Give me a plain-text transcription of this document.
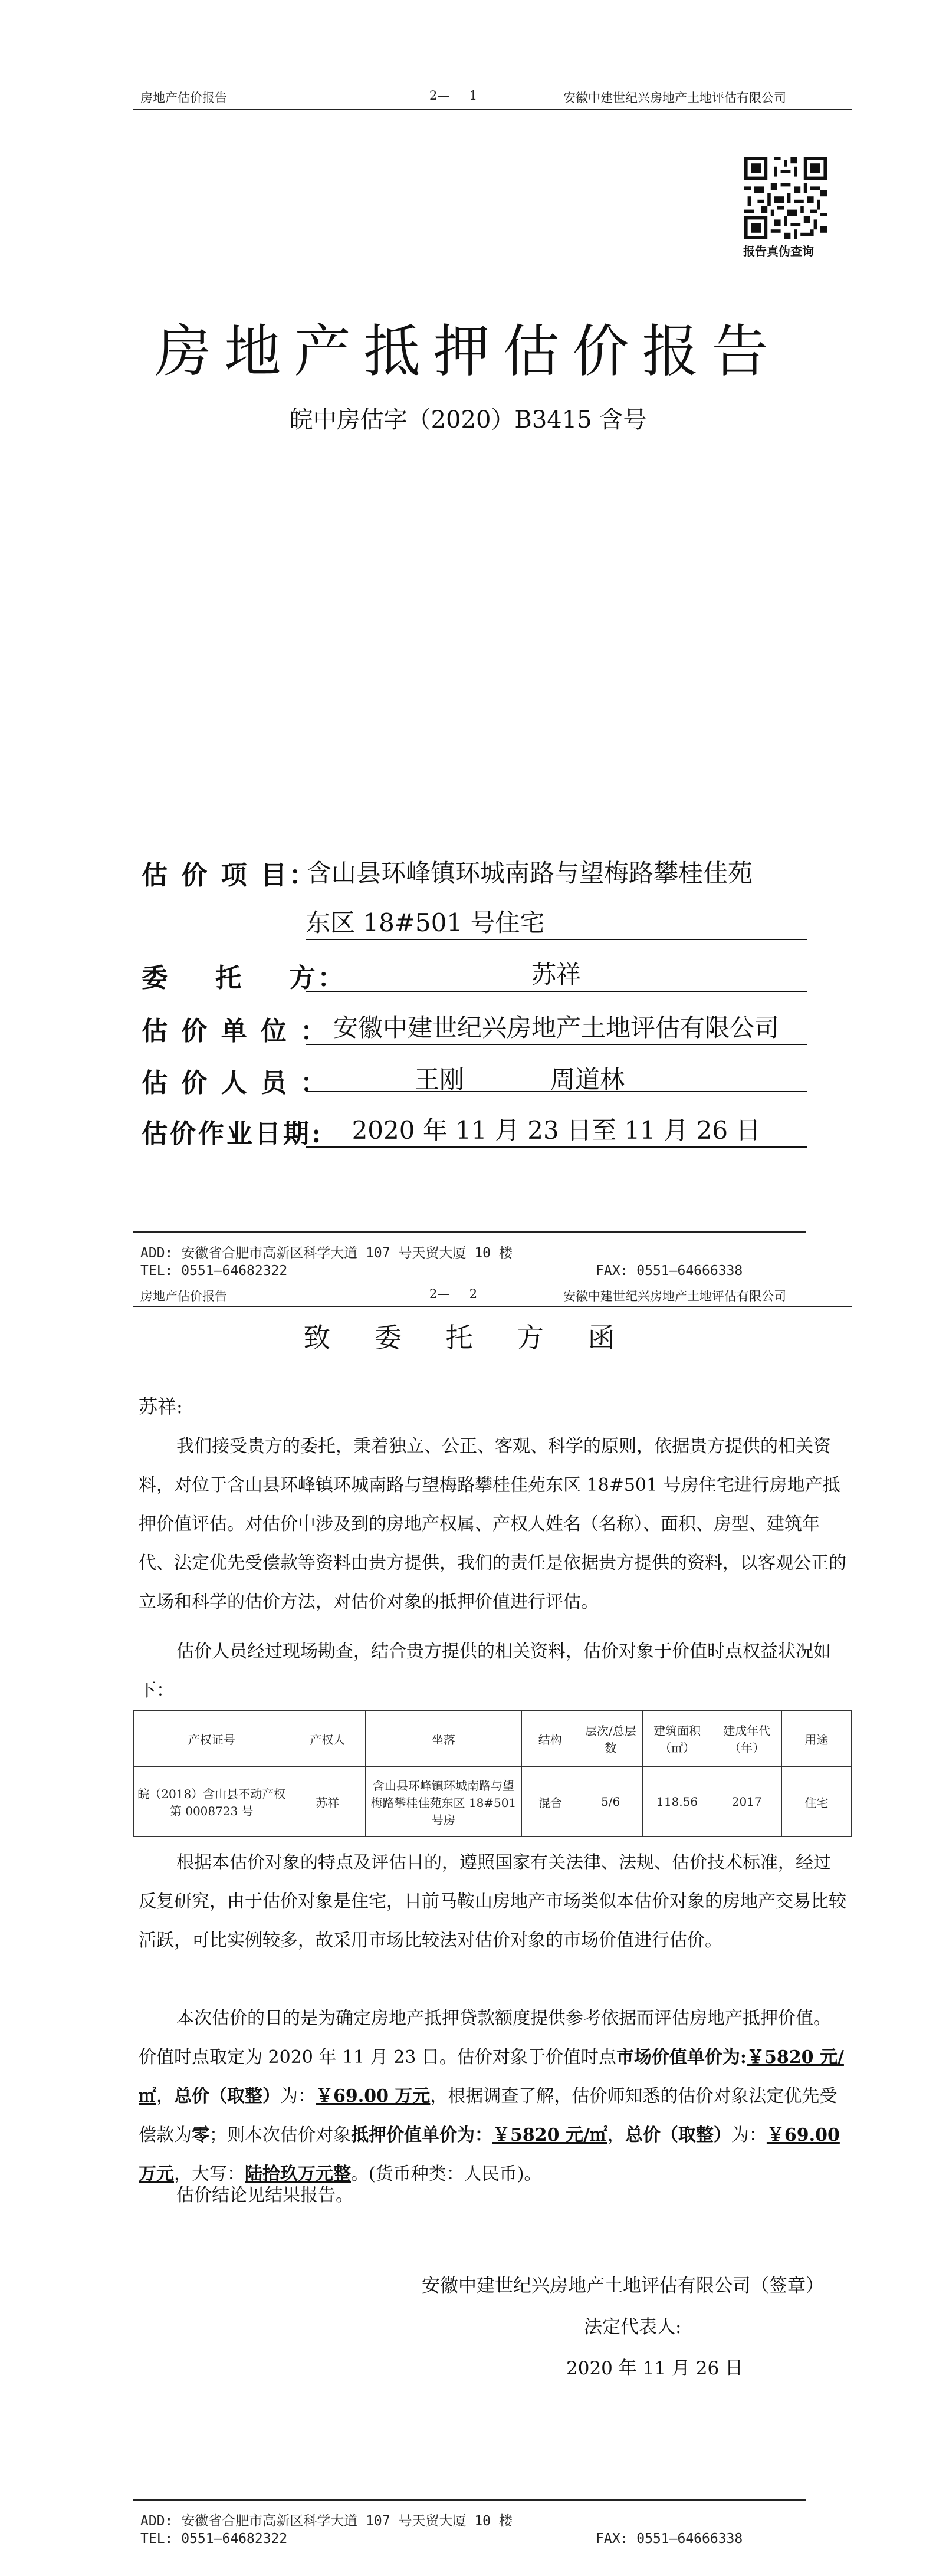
房地产估价报告	2—     1	安徽中建世纪兴房地产土地评估有限公司
报告真伪查询
房地产抵押估价报告
皖中房估字（2020）B3415 含号
估 价 项 目：
含山县环峰镇环城南路与望梅路攀桂佳苑
东区 18#501 号住宅
委    托    方：	苏祥
估 价 单 位 ： 安徽中建世纪兴房地产土地评估有限公司
估 价 人 员 ：	王刚	周道林
估价作业日期:	2020 年 11 月 23 日至 11 月 26 日
ADD: 安徽省合肥市高新区科学大道 107 号天贸大厦 10 楼
TEL: 0551—64682322	FAX: 0551—64666338
房地产估价报告	2—     2	安徽中建世纪兴房地产土地评估有限公司
致 委 托 方 函
苏祥:
我们接受贵方的委托，秉着独立、公正、客观、科学的原则，依据贵方提供的相关资料，对位于含山县环峰镇环城南路与望梅路攀桂佳苑东区 18#501 号房住宅进行房地产抵押价值评估。对估价中涉及到的房地产权属、产权人姓名（名称）、面积、房型、建筑年代、法定优先受偿款等资料由贵方提供，我们的责任是依据贵方提供的资料，以客观公正的立场和科学的估价方法，对估价对象的抵押价值进行评估。
估价人员经过现场勘查，结合贵方提供的相关资料，估价对象于价值时点权益状况如下：
产权证号	产权人	坐落	结构	层次/总层数	建筑面积（㎡）	建成年代（年）	用途
皖（2018）含山县不动产权第 0008723 号	苏祥	含山县环峰镇环城南路与望梅路攀桂佳苑东区 18#501 号房	混合	5/6	118.56	2017	住宅
根据本估价对象的特点及评估目的，遵照国家有关法律、法规、估价技术标准，经过反复研究，由于估价对象是住宅，目前马鞍山房地产市场类似本估价对象的房地产交易比较活跃，可比实例较多，故采用市场比较法对估价对象的市场价值进行估价。
本次估价的目的是为确定房地产抵押贷款额度提供参考依据而评估房地产抵押价值。价值时点取定为 2020 年 11 月 23 日。估价对象于价值时点市场价值单价为:￥5820 元/㎡，总价（取整）为：￥69.00 万元，根据调查了解，估价师知悉的估价对象法定优先受偿款为零；则本次估价对象抵押价值单价为：￥5820 元/㎡，总价（取整）为：￥69.00 万元，大写：陆拾玖万元整。(货币种类：人民币)。
估价结论见结果报告。
安徽中建世纪兴房地产土地评估有限公司（签章）
法定代表人:
2020 年 11 月 26 日
ADD: 安徽省合肥市高新区科学大道 107 号天贸大厦 10 楼
TEL: 0551—64682322	FAX: 0551—64666338
